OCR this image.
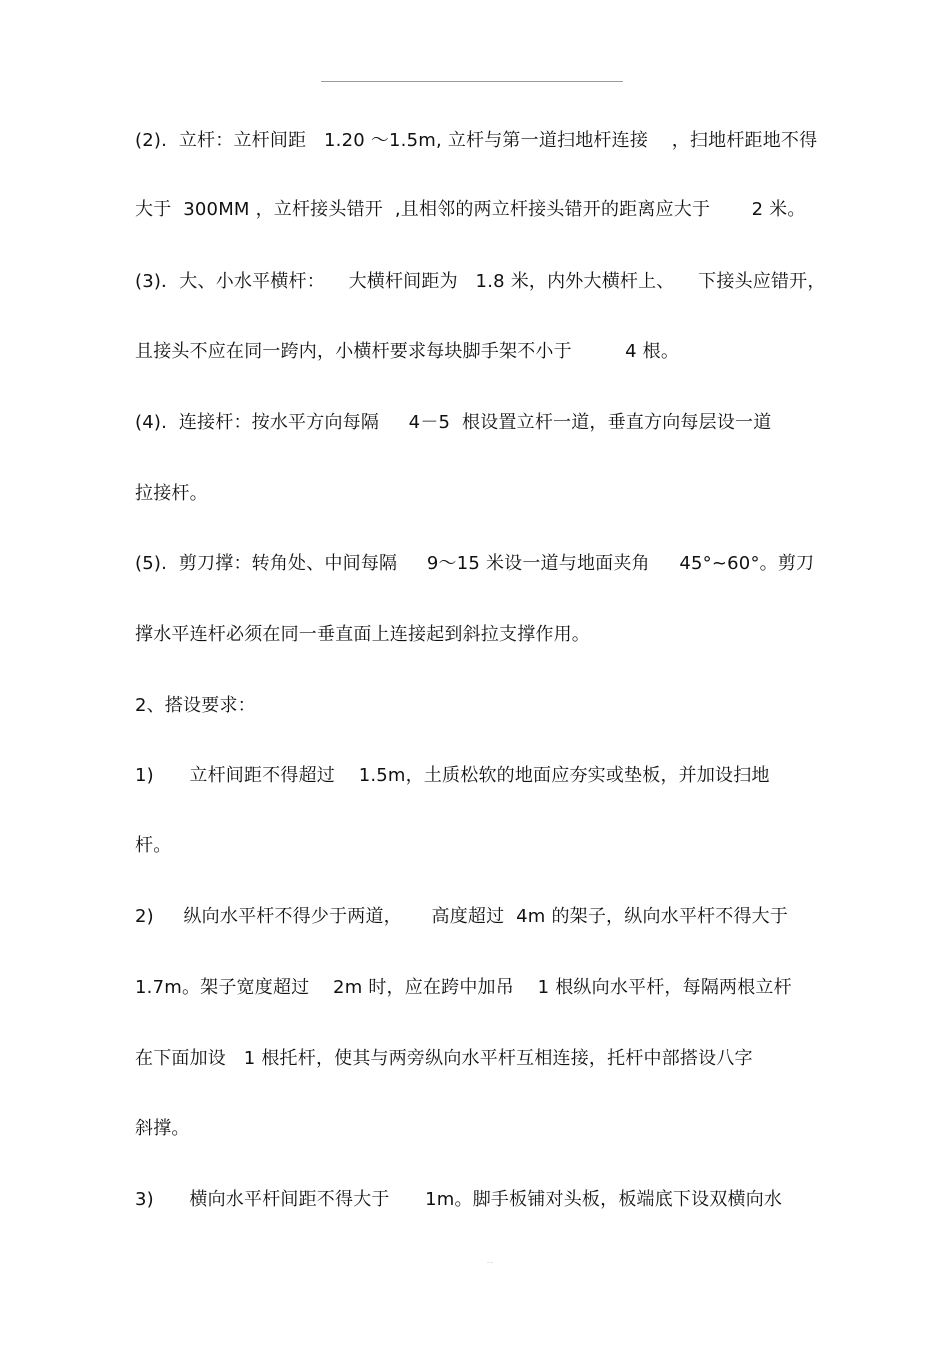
(2).  立杆：立杆间距   1.20 ～1.5m, 立杆与第一道扫地杆连接    ，扫地杆距地不得
大于  300MM ，立杆接头错开  ,且相邻的两立杆接头错开的距离应大于       2 米。
(3)．大、小水平横杆：    大横杆间距为   1.8 米，内外大横杆上、    下接头应错开，
且接头不应在同一跨内，小横杆要求每块脚手架不小于         4 根。
(4).  连接杆：按水平方向每隔     4－5  根设置立杆一道，垂直方向每层设一道
拉接杆。
(5).  剪刀撑：转角处、中间每隔     9～15 米设一道与地面夹角     45°~60°。剪刀
撑水平连杆必须在同一垂直面上连接起到斜拉支撑作用。
2、搭设要求：
1)      立杆间距不得超过    1.5m，土质松软的地面应夯实或垫板，并加设扫地
杆。
2)     纵向水平杆不得少于两道，     高度超过  4m 的架子，纵向水平杆不得大于
1.7m。架子宽度超过    2m 时，应在跨中加吊    1 根纵向水平杆，每隔两根立杆
在下面加设   1 根托杆，使其与两旁纵向水平杆互相连接，托杆中部搭设八字
斜撑。
3)      横向水平杆间距不得大于      1m。脚手板铺对头板，板端底下设双横向水
·····
